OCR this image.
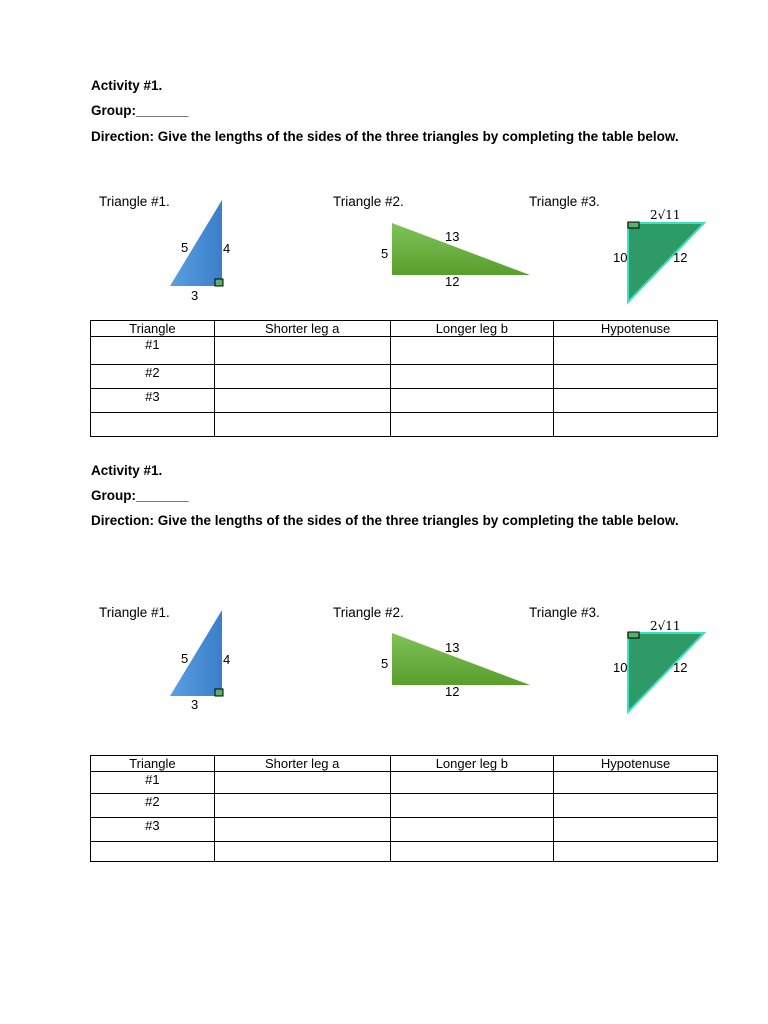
Activity #1.
Group:_______
Direction: Give the lengths of the sides of the three triangles by completing the table below.
Triangle #1.
5	4
3
Triangle #2.
5
13
12
Triangle #3.
2√11
10	12
Triangle	Shorter leg a	Longer leg b	Hypotenuse
#1			
#2			
#3			

Activity #1.
Group:_______
Direction: Give the lengths of the sides of the three triangles by completing the table below.
Triangle #1.
5	4
3
Triangle #2.
5
13
12
Triangle #3.
2√11
10	12
Triangle	Shorter leg a	Longer leg b	Hypotenuse
#1			
#2			
#3			
